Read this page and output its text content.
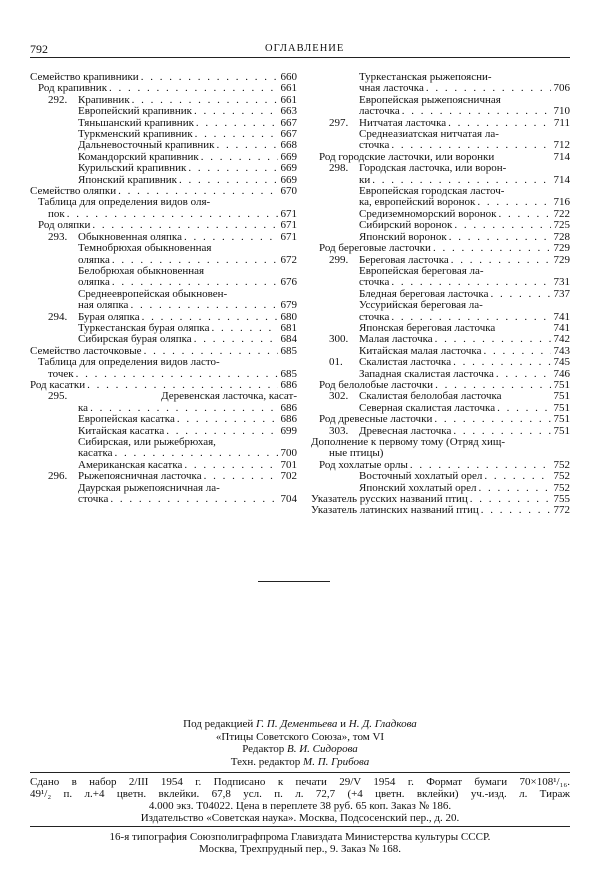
792	ОГЛАВЛЕНИЕ
Семейство крапивники . . .	660
Род крапивник . . .	661
292. Крапивник . . .	661
Европейский крапивник . . .	663
Тяньшанский крапивник . . .	667
Туркменский крапивник . . .	667
Дальневосточный крапивник . . .	668
Командорский крапивник . . .	669
Курильский крапивник . . .	669
Японский крапивник . . .	669
Семейство оляпки . . .	670
Таблица для определения видов оля-
пок . . .	671
Род оляпки . . .	671
293. Обыкновенная оляпка . . .	671
Темнобрюхая обыкновенная
оляпка . . .	672
Белобрюхая обыкновенная
оляпка . . .	676
Среднеевропейская обыкновен-
ная оляпка . . .	679
294. Бурая оляпка . . .	680
Туркестанская бурая оляпка . . .	681
Сибирская бурая оляпка . . .	684
Семейство ласточковые . . .	685
Таблица для определения видов ласто-
точек . . .	685
Род касатки . . .	686
295.	Деревенская ласточка, касат-
ка . . .	686
Европейская касатка . . .	686
Китайская касатка . . .	699
Сибирская, или рыжебрюхая,
касатка . . .	700
Американская касатка . . .	701
296. Рыжепоясничная ласточка . . .	702
Даурская рыжепоясничная ла-
сточка . . .	704
Туркестанская рыжепоясни-
чная ласточка . . .	706
Европейская рыжепоясничная
ласточка . . .	710
297. Нитчатая ласточка . . .	711
Среднеазиатская нитчатая ла-
сточка . . .	712
Род городские ласточки, или воронки	714
298. Городская ласточка, или ворон-
ки . . .	714
Европейская городская ласточ-
ка, европейский воронок . . .	716
Средиземноморский воронок . . .	722
Сибирский воронок . . .	725
Японский воронок . . .	728
Род береговые ласточки . . .	729
299. Береговая ласточка . . .	729
Европейская береговая ла-
сточка . . .	731
Бледная береговая ласточка . . .	737
Уссурийская береговая ла-
сточка . . .	741
Японская береговая ласточка	741
300. Малая ласточка . . .	742
Китайская малая ласточка . . .	743
01.	Скалистая ласточка . . .	745
Западная скалистая ласточка . . .	746
Род белолобые ласточки . . .	751
302. Скалистая белолобая ласточка	751
Северная скалистая ласточка . . .	751
Род древесные ласточки . . .	751
303. Древесная ласточка . . .	751
Дополнение к первому тому (Отряд хищ-
ные птицы)
Род хохлатые орлы . . .	752
Восточный хохлатый орел . . .	752
Японский хохлатый орел . . .	752
Указатель русских названий птиц . . .	755
Указатель латинских названий птиц . . .	772
Под редакцией Г. П. Дементьева и Н. Д. Гладкова
«Птицы Советского Союза», том VI
Редактор В. И. Сидорова
Техн. редактор М. П. Грибова
Сдано в набор 2/III 1954 г. Подписано к печати 29/V 1954 г. Формат бумаги 70×108¹/₁₆.
49¹/₂ п. л.+4 цветн. вклейки. 67,8 усл. п. л. 72,7 (+4 цветн. вклейки) уч.-изд. л. Тираж
4.000 экз. Т04022. Цена в переплете 38 руб. 65 коп. Заказ № 186.
Издательство «Советская наука». Москва, Подсосенский пер., д. 20.
16-я типография Союзполиграфпрома Главиздата Министерства культуры СССР.
Москва, Трехпрудный пер., 9. Заказ № 168.
